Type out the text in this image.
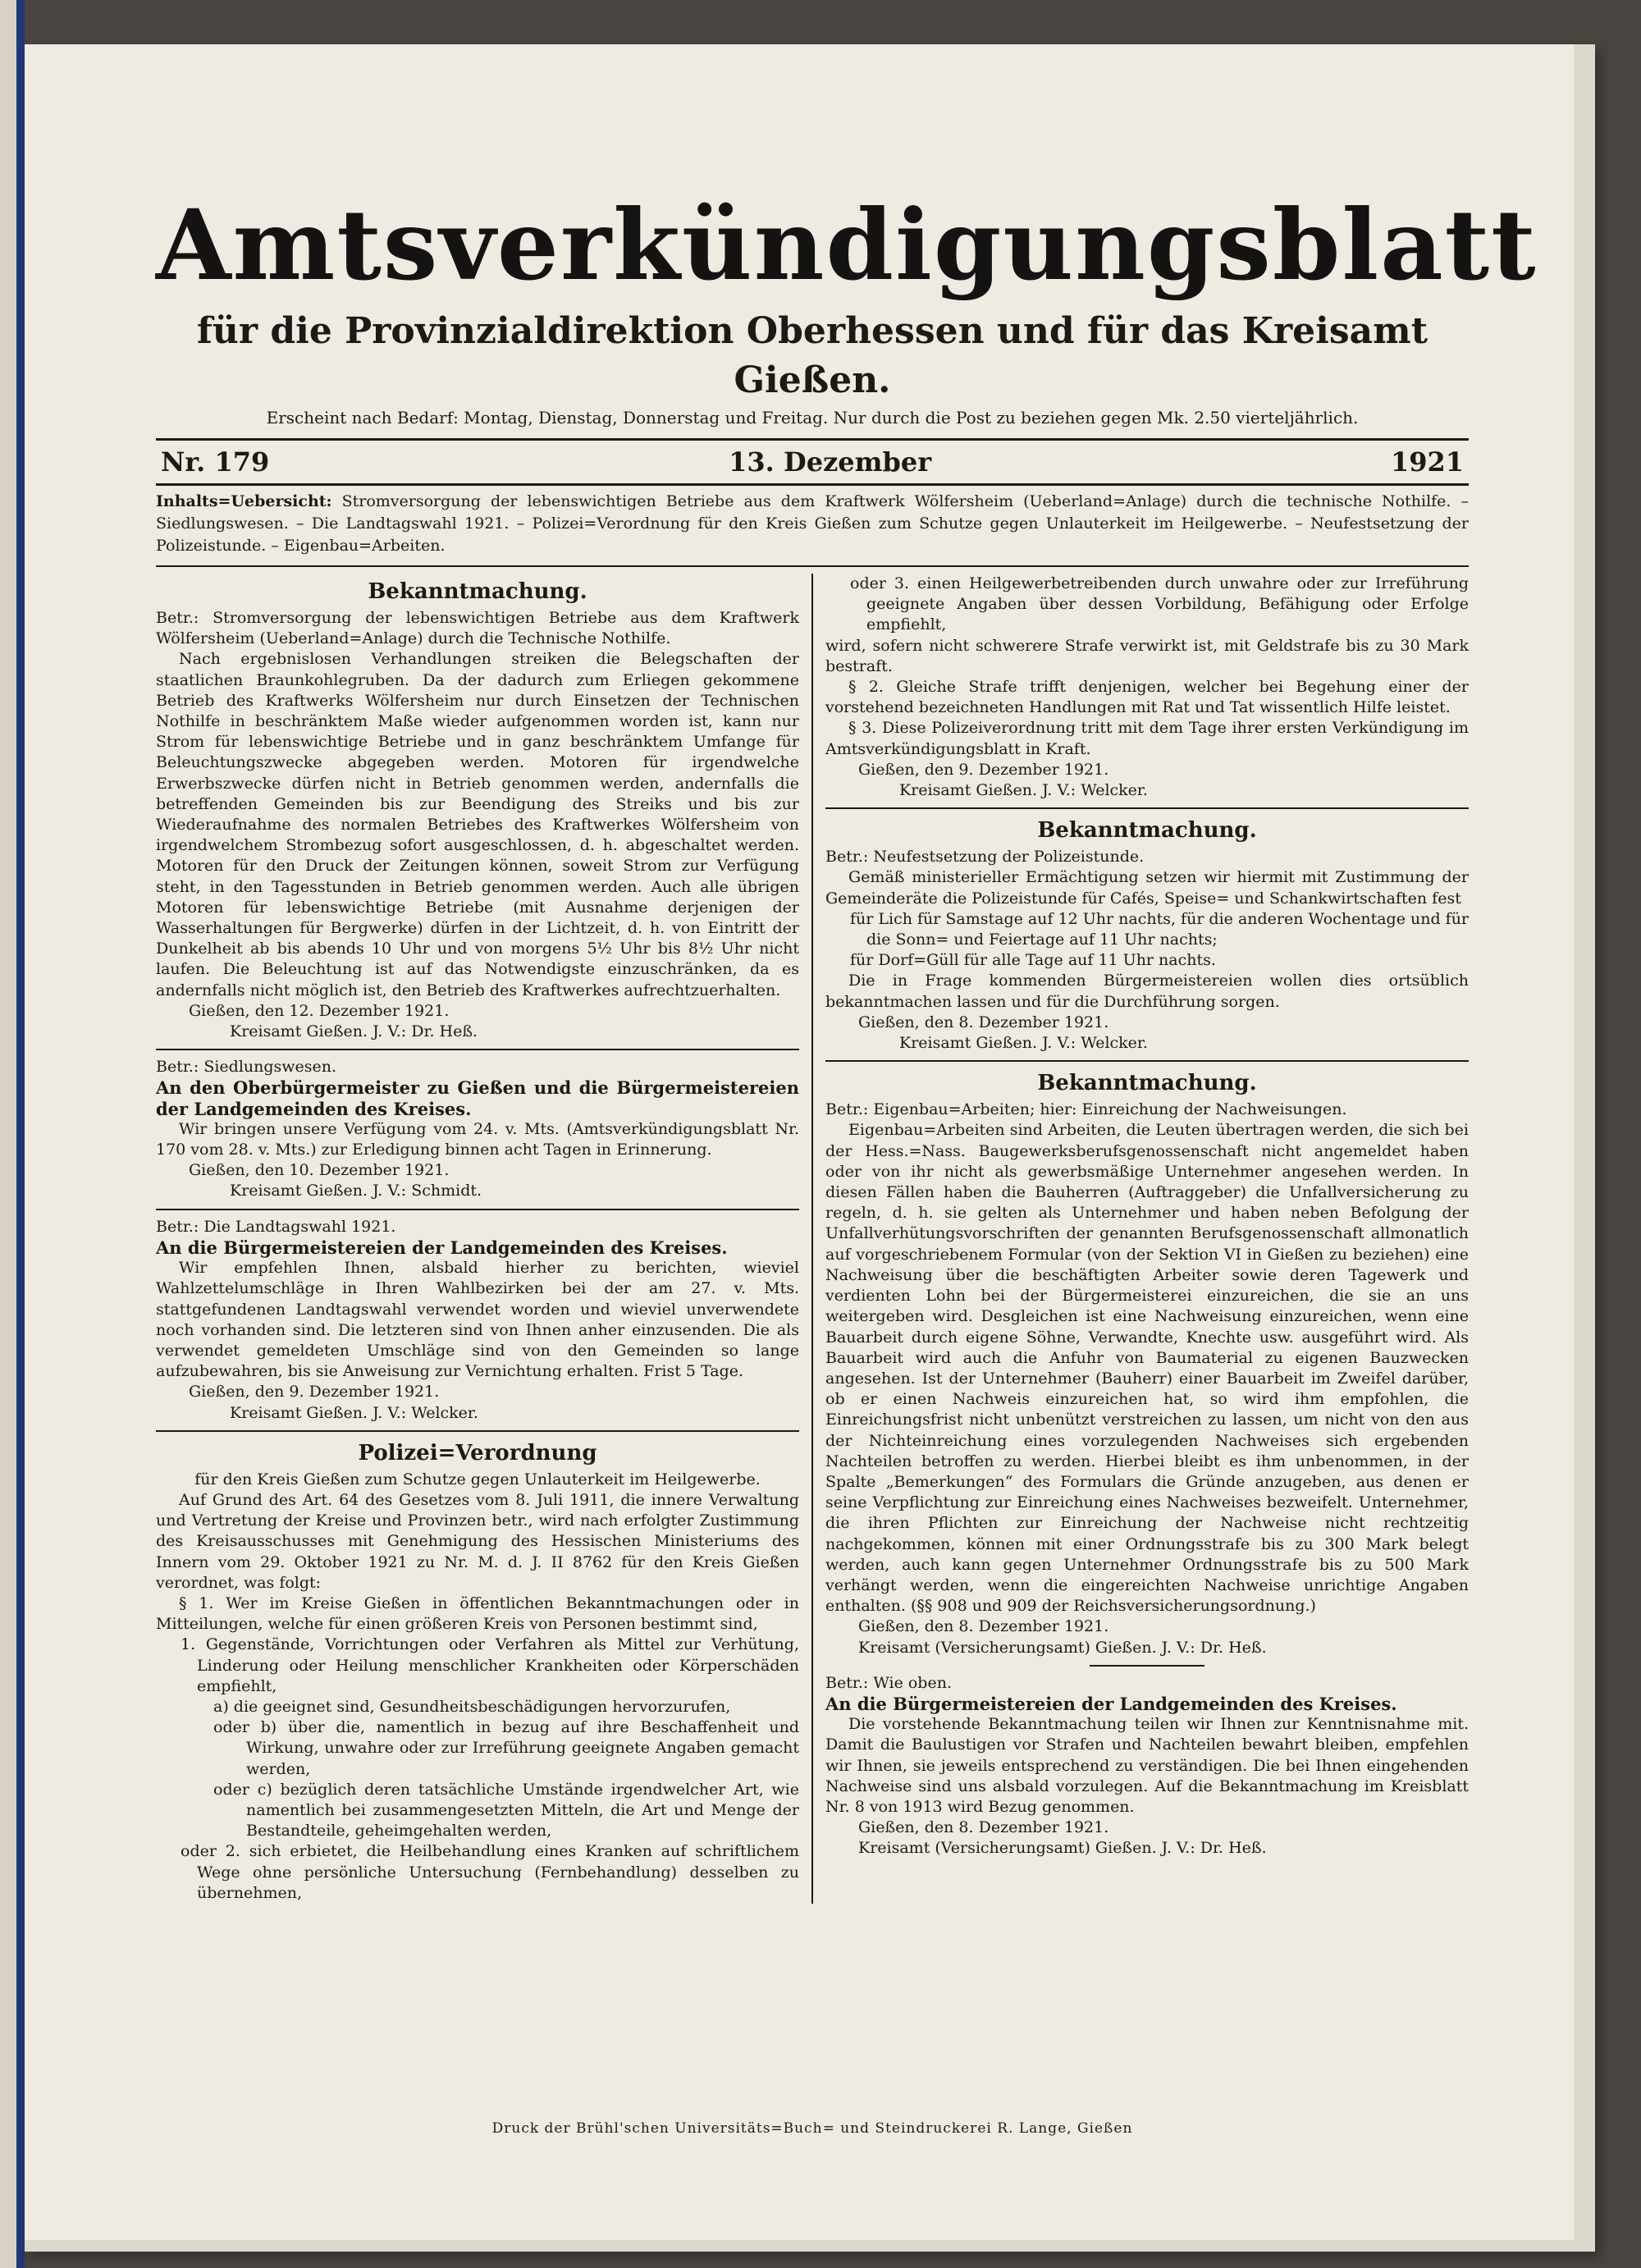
Amtsverkündigungsblatt
für die Provinzialdirektion Oberhessen und für das Kreisamt Gießen.
Erscheint nach Bedarf: Montag, Dienstag, Donnerstag und Freitag. Nur durch die Post zu beziehen gegen Mk. 2.50 vierteljährlich.
Nr. 179	13. Dezember	1921
Inhalts=Uebersicht: Stromversorgung der lebenswichtigen Betriebe aus dem Kraftwerk Wölfersheim (Ueberland=Anlage) durch die technische Nothilfe. – Siedlungswesen. – Die Landtagswahl 1921. – Polizei=Verordnung für den Kreis Gießen zum Schutze gegen Unlauterkeit im Heilgewerbe. – Neufestsetzung der Polizeistunde. – Eigenbau=Arbeiten.
Bekanntmachung.

Betr.: Stromversorgung der lebenswichtigen Betriebe aus dem Kraftwerk Wölfersheim (Ueberland=Anlage) durch die Technische Nothilfe.

Nach ergebnislosen Verhandlungen streiken die Belegschaften der staatlichen Braunkohlegruben. Da der dadurch zum Erliegen gekommene Betrieb des Kraftwerks Wölfersheim nur durch Einsetzen der Technischen Nothilfe in beschränktem Maße wieder aufgenommen worden ist, kann nur Strom für lebenswichtige Betriebe und in ganz beschränktem Umfange für Beleuchtungszwecke abgegeben werden. Motoren für irgendwelche Erwerbszwecke dürfen nicht in Betrieb genommen werden, andernfalls die betreffenden Gemeinden bis zur Beendigung des Streiks und bis zur Wiederaufnahme des normalen Betriebes des Kraftwerkes Wölfersheim von irgendwelchem Strombezug sofort ausgeschlossen, d. h. abgeschaltet werden. Motoren für den Druck der Zeitungen können, soweit Strom zur Verfügung steht, in den Tagesstunden in Betrieb genommen werden. Auch alle übrigen Motoren für lebenswichtige Betriebe (mit Ausnahme derjenigen der Wasserhaltungen für Bergwerke) dürfen in der Lichtzeit, d. h. von Eintritt der Dunkelheit ab bis abends 10 Uhr und von morgens 5½ Uhr bis 8½ Uhr nicht laufen. Die Beleuchtung ist auf das Notwendigste einzuschränken, da es andernfalls nicht möglich ist, den Betrieb des Kraftwerkes aufrechtzuerhalten.

Gießen, den 12. Dezember 1921.

Kreisamt Gießen. J. V.: Dr. Heß.

Betr.: Siedlungswesen.

An den Oberbürgermeister zu Gießen und die Bürgermeistereien der Landgemeinden des Kreises.

Wir bringen unsere Verfügung vom 24. v. Mts. (Amtsverkündigungsblatt Nr. 170 vom 28. v. Mts.) zur Erledigung binnen acht Tagen in Erinnerung.

Gießen, den 10. Dezember 1921.

Kreisamt Gießen. J. V.: Schmidt.

Betr.: Die Landtagswahl 1921.

An die Bürgermeistereien der Landgemeinden des Kreises.

Wir empfehlen Ihnen, alsbald hierher zu berichten, wieviel Wahlzettelumschläge in Ihren Wahlbezirken bei der am 27. v. Mts. stattgefundenen Landtagswahl verwendet worden und wieviel unverwendete noch vorhanden sind. Die letzteren sind von Ihnen anher einzusenden. Die als verwendet gemeldeten Umschläge sind von den Gemeinden so lange aufzubewahren, bis sie Anweisung zur Vernichtung erhalten. Frist 5 Tage.

Gießen, den 9. Dezember 1921.

Kreisamt Gießen. J. V.: Welcker.

Polizei=Verordnung

für den Kreis Gießen zum Schutze gegen Unlauterkeit im Heilgewerbe.

Auf Grund des Art. 64 des Gesetzes vom 8. Juli 1911, die innere Verwaltung und Vertretung der Kreise und Provinzen betr., wird nach erfolgter Zustimmung des Kreisausschusses mit Genehmigung des Hessischen Ministeriums des Innern vom 29. Oktober 1921 zu Nr. M. d. J. II 8762 für den Kreis Gießen verordnet, was folgt:

§ 1. Wer im Kreise Gießen in öffentlichen Bekanntmachungen oder in Mitteilungen, welche für einen größeren Kreis von Personen bestimmt sind,

1. Gegenstände, Vorrichtungen oder Verfahren als Mittel zur Verhütung, Linderung oder Heilung menschlicher Krankheiten oder Körperschäden empfiehlt,

a) die geeignet sind, Gesundheitsbeschädigungen hervorzurufen,

oder b) über die, namentlich in bezug auf ihre Beschaffenheit und Wirkung, unwahre oder zur Irreführung geeignete Angaben gemacht werden,

oder c) bezüglich deren tatsächliche Umstände irgendwelcher Art, wie namentlich bei zusammengesetzten Mitteln, die Art und Menge der Bestandteile, geheimgehalten werden,

oder 2. sich erbietet, die Heilbehandlung eines Kranken auf schriftlichem Wege ohne persönliche Untersuchung (Fernbehandlung) desselben zu übernehmen,

oder 3. einen Heilgewerbetreibenden durch unwahre oder zur Irreführung geeignete Angaben über dessen Vorbildung, Befähigung oder Erfolge empfiehlt,

wird, sofern nicht schwerere Strafe verwirkt ist, mit Geldstrafe bis zu 30 Mark bestraft.

§ 2. Gleiche Strafe trifft denjenigen, welcher bei Begehung einer der vorstehend bezeichneten Handlungen mit Rat und Tat wissentlich Hilfe leistet.

§ 3. Diese Polizeiverordnung tritt mit dem Tage ihrer ersten Verkündigung im Amtsverkündigungsblatt in Kraft.

Gießen, den 9. Dezember 1921.

Kreisamt Gießen. J. V.: Welcker.

Bekanntmachung.

Betr.: Neufestsetzung der Polizeistunde.

Gemäß ministerieller Ermächtigung setzen wir hiermit mit Zustimmung der Gemeinderäte die Polizeistunde für Cafés, Speise= und Schankwirtschaften fest

für Lich für Samstage auf 12 Uhr nachts, für die anderen Wochentage und für die Sonn= und Feiertage auf 11 Uhr nachts;

für Dorf=Güll für alle Tage auf 11 Uhr nachts.

Die in Frage kommenden Bürgermeistereien wollen dies ortsüblich bekanntmachen lassen und für die Durchführung sorgen.

Gießen, den 8. Dezember 1921.

Kreisamt Gießen. J. V.: Welcker.

Bekanntmachung.

Betr.: Eigenbau=Arbeiten; hier: Einreichung der Nachweisungen.

Eigenbau=Arbeiten sind Arbeiten, die Leuten übertragen werden, die sich bei der Hess.=Nass. Baugewerksberufsgenossenschaft nicht angemeldet haben oder von ihr nicht als gewerbsmäßige Unternehmer angesehen werden. In diesen Fällen haben die Bauherren (Auftraggeber) die Unfallversicherung zu regeln, d. h. sie gelten als Unternehmer und haben neben Befolgung der Unfallverhütungsvorschriften der genannten Berufsgenossenschaft allmonatlich auf vorgeschriebenem Formular (von der Sektion VI in Gießen zu beziehen) eine Nachweisung über die beschäftigten Arbeiter sowie deren Tagewerk und verdienten Lohn bei der Bürgermeisterei einzureichen, die sie an uns weitergeben wird. Desgleichen ist eine Nachweisung einzureichen, wenn eine Bauarbeit durch eigene Söhne, Verwandte, Knechte usw. ausgeführt wird. Als Bauarbeit wird auch die Anfuhr von Baumaterial zu eigenen Bauzwecken angesehen. Ist der Unternehmer (Bauherr) einer Bauarbeit im Zweifel darüber, ob er einen Nachweis einzureichen hat, so wird ihm empfohlen, die Einreichungsfrist nicht unbenützt verstreichen zu lassen, um nicht von den aus der Nichteinreichung eines vorzulegenden Nachweises sich ergebenden Nachteilen betroffen zu werden. Hierbei bleibt es ihm unbenommen, in der Spalte „Bemerkungen“ des Formulars die Gründe anzugeben, aus denen er seine Verpflichtung zur Einreichung eines Nachweises bezweifelt. Unternehmer, die ihren Pflichten zur Einreichung der Nachweise nicht rechtzeitig nachgekommen, können mit einer Ordnungsstrafe bis zu 300 Mark belegt werden, auch kann gegen Unternehmer Ordnungsstrafe bis zu 500 Mark verhängt werden, wenn die eingereichten Nachweise unrichtige Angaben enthalten. (§§ 908 und 909 der Reichsversicherungsordnung.)

Gießen, den 8. Dezember 1921.

Kreisamt (Versicherungsamt) Gießen. J. V.: Dr. Heß.

Betr.: Wie oben.

An die Bürgermeistereien der Landgemeinden des Kreises.

Die vorstehende Bekanntmachung teilen wir Ihnen zur Kenntnisnahme mit. Damit die Baulustigen vor Strafen und Nachteilen bewahrt bleiben, empfehlen wir Ihnen, sie jeweils entsprechend zu verständigen. Die bei Ihnen eingehenden Nachweise sind uns alsbald vorzulegen. Auf die Bekanntmachung im Kreisblatt Nr. 8 von 1913 wird Bezug genommen.

Gießen, den 8. Dezember 1921.

Kreisamt (Versicherungsamt) Gießen. J. V.: Dr. Heß.

Druck der Brühl'schen Universitäts=Buch= und Steindruckerei R. Lange, Gießen
